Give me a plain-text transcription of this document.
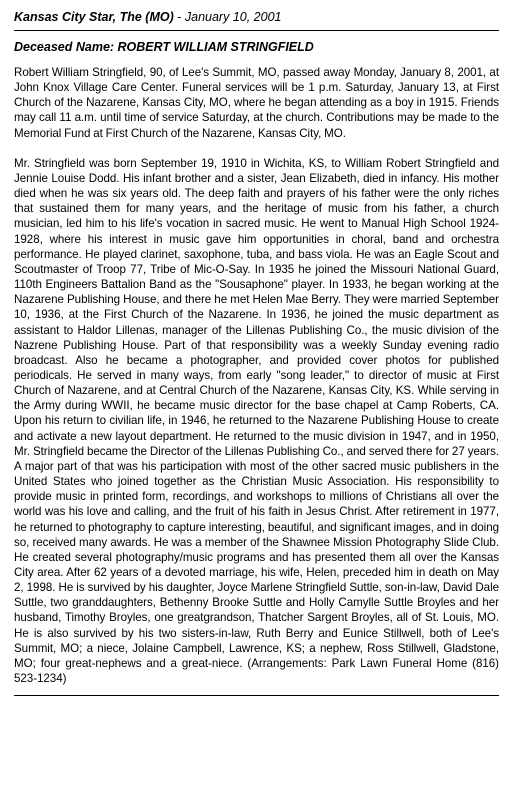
Kansas City Star, The (MO) - January 10, 2001
Deceased Name: ROBERT WILLIAM STRINGFIELD

Robert William Stringfield, 90, of Lee's Summit, MO, passed away Monday, January 8, 2001, at John Knox Village Care Center. Funeral services will be 1 p.m. Saturday, January 13, at First Church of the Nazarene, Kansas City, MO, where he began attending as a boy in 1915. Friends may call 11 a.m. until time of service Saturday, at the church. Contributions may be made to the Memorial Fund at First Church of the Nazarene, Kansas City, MO.

Mr. Stringfield was born September 19, 1910 in Wichita, KS, to William Robert Stringfield and Jennie Louise Dodd. His infant brother and a sister, Jean Elizabeth, died in infancy. His mother died when he was six years old. The deep faith and prayers of his father were the only riches that sustained them for many years, and the heritage of music from his father, a church musician, led him to his life's vocation in sacred music. He went to Manual High School 1924-1928, where his interest in music gave him opportunities in choral, band and orchestra performance. He played clarinet, saxophone, tuba, and bass viola. He was an Eagle Scout and Scoutmaster of Troop 77, Tribe of Mic-O-Say. In 1935 he joined the Missouri National Guard, 110th Engineers Battalion Band as the "Sousaphone" player. In 1933, he began working at the Nazarene Publishing House, and there he met Helen Mae Berry. They were married September 10, 1936, at the First Church of the Nazarene. In 1936, he joined the music department as assistant to Haldor Lillenas, manager of the Lillenas Publishing Co., the music division of the Nazrene Publishing House. Part of that responsibility was a weekly Sunday evening radio broadcast. Also he became a photographer, and provided cover photos for published periodicals. He served in many ways, from early "song leader," to director of music at First Church of Nazarene, and at Central Church of the Nazarene, Kansas City, KS. While serving in the Army during WWII, he became music director for the base chapel at Camp Roberts, CA. Upon his return to civilian life, in 1946, he returned to the Nazarene Publishing House to create and activate a new layout department. He returned to the music division in 1947, and in 1950, Mr. Stringfield became the Director of the Lillenas Publishing Co., and served there for 27 years. A major part of that was his participation with most of the other sacred music publishers in the United States who joined together as the Christian Music Association. His responsibility to provide music in printed form, recordings, and workshops to millions of Christians all over the world was his love and calling, and the fruit of his faith in Jesus Christ. After retirement in 1977, he returned to photography to capture interesting, beautiful, and significant images, and in doing so, received many awards. He was a member of the Shawnee Mission Photography Slide Club. He created several photography/music programs and has presented them all over the Kansas City area. After 62 years of a devoted marriage, his wife, Helen, preceded him in death on May 2, 1998. He is survived by his daughter, Joyce Marlene Stringfield Suttle, son-in-law, David Dale Suttle, two granddaughters, Bethenny Brooke Suttle and Holly Camylle Suttle Broyles and her husband, Timothy Broyles, one greatgrandson, Thatcher Sargent Broyles, all of St. Louis, MO. He is also survived by his two sisters-in-law, Ruth Berry and Eunice Stillwell, both of Lee's Summit, MO; a niece, Jolaine Campbell, Lawrence, KS; a nephew, Ross Stillwell, Gladstone, MO; four great-nephews and a great-niece. (Arrangements: Park Lawn Funeral Home (816) 523-1234)
